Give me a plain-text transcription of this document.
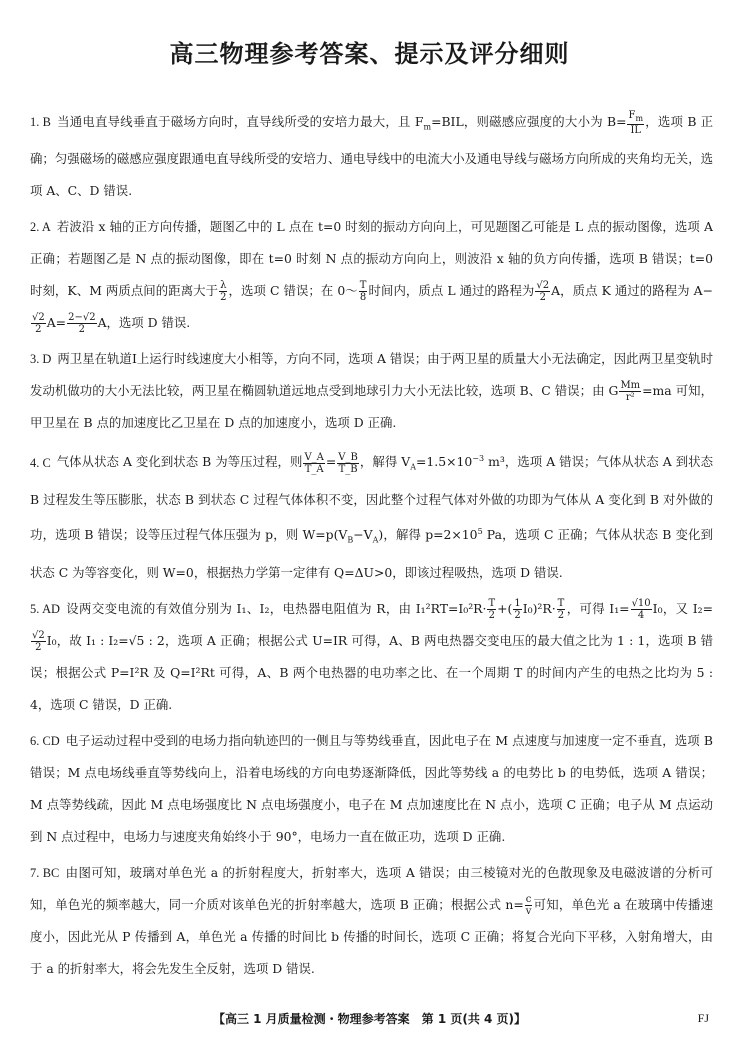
高三物理参考答案、提示及评分细则
1. B 当通电直导线垂直于磁场方向时，直导线所受的安培力最大，且 $F_m=BIL$，则磁感应强度的大小为 $B= \frac{F_m}{IL}$ ，选项 B 正确；匀强磁场的磁感应强度跟通电直导线所受的安培力、通电导线中的电流大小及通电导线与磁场方向所成的夹角均无关，选项 A、C、D 错误.
2. A 若波沿 x 轴的正方向传播，题图乙中的 L 点在 t=0 时刻的振动方向向上，可见题图乙可能是 L 点的振动图像，选项 A 正确；若题图乙是 N 点的振动图像，即在 t=0 时刻 N 点的振动方向向上，则波沿 x 轴的负方向传播，选项 B 错误；t=0 时刻，K、M 两质点间的距离大于 $\frac{\lambda}{2}$ ，选项 C 错误；在 0～ $\frac{T}{8}$ 时间内，质点 L 通过的路程为 $\frac{√2}{2}$ A，质点 K 通过的路程为 A−
$\frac{√2}{2} A= \frac{2-√2}{2}$ A，选项 D 错误.
3. D 两卫星在轨道Ⅰ上运行时线速度大小相等，方向不同，选项 A 错误；由于两卫星的质量大小无法确定，因此两卫星变轨时发动机做功的大小无法比较，两卫星在椭圆轨道远地点受到地球引力大小无法比较，选项 B、C 错误；由 G $\frac{Mm}{\text{r²}} =ma$ 可知，甲卫星在 B 点的加速度比乙卫星在 D 点的加速度小，选项 D 正确.
4. C 气体从状态 A 变化到状态 B 为等压过程，则 $\frac{V\_A}{T\_A} = \frac{V\_B}{T\_B}$ ，解得 $V_A=1.5\times 10^{-3}$ m³，选项 A 错误；气体从状态 A 到状态 B 过程发生等压膨胀，状态 B 到状态 C 过程气体体积不变，因此整个过程气体对外做的功即为气体从 A 变化到 B 对外做的功，选项 B 错误；设等压过程气体压强为 p，则 $W=p(V_B-V_A)$，解得 $p=2\times 10^5$ Pa，选项 C 正确；气体从状态 B 变化到状态 C 为等容变化，则 W=0，根据热力学第一定律有 Q=ΔU>0，即该过程吸热，选项 D 错误.
5. AD 设两交变电流的有效值分别为 I₁、I₂，电热器电阻值为 R，由 $I_1^2RT=I_0^2R\cdot \frac{T}{2}$ +( $\frac{1}{2} I_0)^2R\cdot \frac{T}{2}$ ，可得 $I_1= \frac{√10}{4} I_0$，又 I₂=
$\frac{√2}{2} I_0$，故 I₁ : I₂=√5 : 2，选项 A 正确；根据公式 U=IR 可得，A、B 两电热器交变电压的最大值之比为 1 : 1，选项 B 错误；根据公式 P=I²R 及 Q=I²Rt 可得，A、B 两个电热器的电功率之比、在一个周期 T 的时间内产生的电热之比均为 5 : 4，选项 C 错误，D 正确.
6. CD 电子运动过程中受到的电场力指向轨迹凹的一侧且与等势线垂直，因此电子在 M 点速度与加速度一定不垂直，选项 B 错误；M 点电场线垂直等势线向上，沿着电场线的方向电势逐渐降低，因此等势线 a 的电势比 b 的电势低，选项 A 错误；M 点等势线疏，因此 M 点电场强度比 N 点电场强度小，电子在 M 点加速度比在 N 点小，选项 C 正确；电子从 M 点运动到 N 点过程中，电场力与速度夹角始终小于 90°，电场力一直在做正功，选项 D 正确.
7. BC 由图可知，玻璃对单色光 a 的折射程度大，折射率大，选项 A 错误；由三棱镜对光的色散现象及电磁波谱的分析可知，单色光的频率越大，同一介质对该单色光的折射率越大，选项 B 正确；根据公式 $n= \frac{c}{v}$ 可知，单色光 a 在玻璃中传播速度小，因此光从 P 传播到 A，单色光 a 传播的时间比 b 传播的时间长，选项 C 正确；将复合光向下平移，入射角增大，由于 a 的折射率大，将会先发生全反射，选项 D 错误.
【高三 1 月质量检测・物理参考答案　第 1 页(共 4 页)】	FJ
